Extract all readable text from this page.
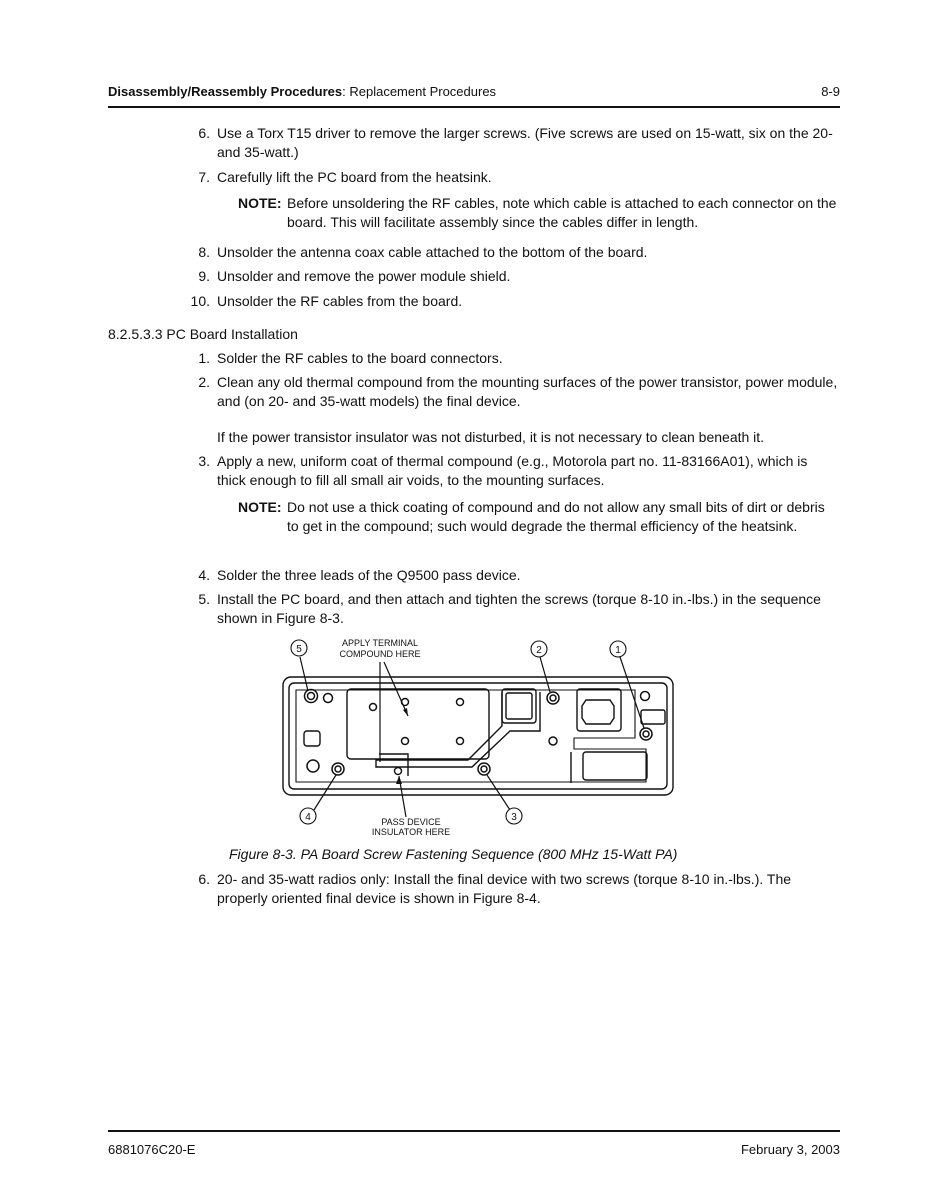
Disassembly/Reassembly Procedures: Replacement Procedures	8-9
6. Use a Torx T15 driver to remove the larger screws. (Five screws are used on 15-watt, six on the 20- and 35-watt.)
7. Carefully lift the PC board from the heatsink.
NOTE: Before unsoldering the RF cables, note which cable is attached to each connector on the board. This will facilitate assembly since the cables differ in length.
8. Unsolder the antenna coax cable attached to the bottom of the board.
9. Unsolder and remove the power module shield.
10. Unsolder the RF cables from the board.
8.2.5.3.3 PC Board Installation
1. Solder the RF cables to the board connectors.
2. Clean any old thermal compound from the mounting surfaces of the power transistor, power module, and (on 20- and 35-watt models) the final device.
If the power transistor insulator was not disturbed, it is not necessary to clean beneath it.
3. Apply a new, uniform coat of thermal compound (e.g., Motorola part no. 11-83166A01), which is thick enough to fill all small air voids, to the mounting surfaces.
NOTE: Do not use a thick coating of compound and do not allow any small bits of dirt or debris to get in the compound; such would degrade the thermal efficiency of the heatsink.
4. Solder the three leads of the Q9500 pass device.
5. Install the PC board, and then attach and tighten the screws (torque 8-10 in.-lbs.) in the sequence shown in Figure 8-3.
5	2	1
4	3
APPLY TERMINAL
COMPOUND HERE
PASS DEVICE
INSULATOR HERE
Figure 8-3. PA Board Screw Fastening Sequence (800 MHz 15-Watt PA)
6. 20- and 35-watt radios only: Install the final device with two screws (torque 8-10 in.-lbs.). The properly oriented final device is shown in Figure 8-4.
6881076C20-E	February 3, 2003
